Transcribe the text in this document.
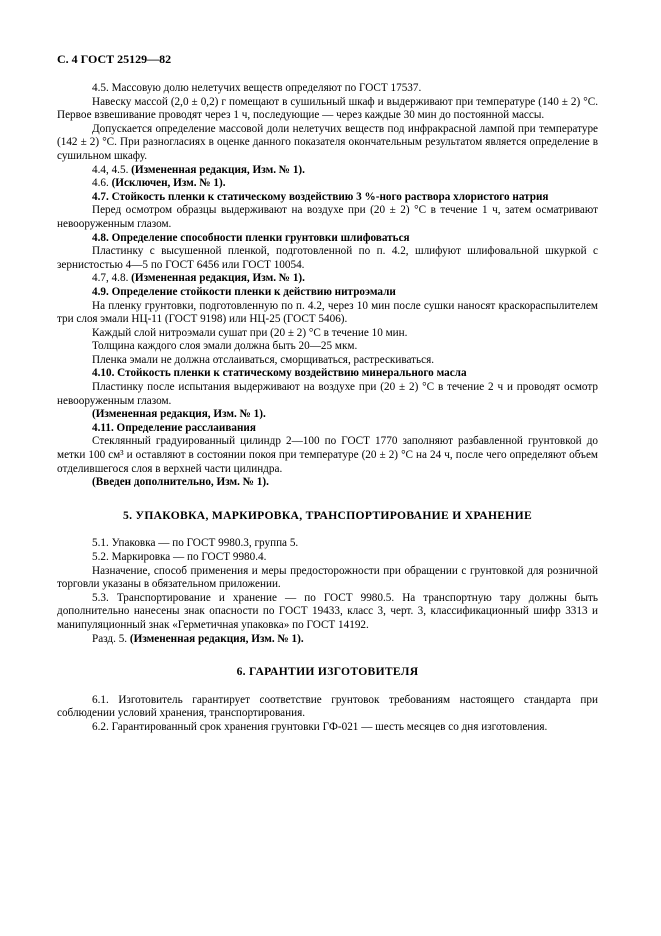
С. 4 ГОСТ 25129—82

4.5. Массовую долю нелетучих веществ определяют по ГОСТ 17537.

Навеску массой (2,0 ± 0,2) г помещают в сушильный шкаф и выдерживают при температуре (140 ± 2) °С. Первое взвешивание проводят через 1 ч, последующие — через каждые 30 мин до постоянной массы.

Допускается определение массовой доли нелетучих веществ под инфракрасной лампой при температуре (142 ± 2) °С. При разногласиях в оценке данного показателя окончательным результатом является определение в сушильном шкафу.

4.4, 4.5. (Измененная редакция, Изм. № 1).

4.6. (Исключен, Изм. № 1).

4.7. Стойкость пленки к статическому воздействию 3 %-ного раствора хлористого натрия

Перед осмотром образцы выдерживают на воздухе при (20 ± 2) °С в течение 1 ч, затем осматривают невооруженным глазом.

4.8. Определение способности пленки грунтовки шлифоваться

Пластинку с высушенной пленкой, подготовленной по п. 4.2, шлифуют шлифовальной шкуркой с зернистостью 4—5 по ГОСТ 6456 или ГОСТ 10054.

4.7, 4.8. (Измененная редакция, Изм. № 1).

4.9. Определение стойкости пленки к действию нитроэмали

На пленку грунтовки, подготовленную по п. 4.2, через 10 мин после сушки наносят краскораспылителем три слоя эмали НЦ-11 (ГОСТ 9198) или НЦ-25 (ГОСТ 5406).

Каждый слой нитроэмали сушат при (20 ± 2) °С в течение 10 мин.

Толщина каждого слоя эмали должна быть 20—25 мкм.

Пленка эмали не должна отслаиваться, сморщиваться, растрескиваться.

4.10. Стойкость пленки к статическому воздействию минерального масла

Пластинку после испытания выдерживают на воздухе при (20 ± 2) °С в течение 2 ч и проводят осмотр невооруженным глазом.

(Измененная редакция, Изм. № 1).

4.11. Определение расслаивания

Стеклянный градуированный цилиндр 2—100 по ГОСТ 1770 заполняют разбавленной грунтовкой до метки 100 см³ и оставляют в состоянии покоя при температуре (20 ± 2) °С на 24 ч, после чего определяют объем отделившегося слоя в верхней части цилиндра.

(Введен дополнительно, Изм. № 1).

5. УПАКОВКА, МАРКИРОВКА, ТРАНСПОРТИРОВАНИЕ И ХРАНЕНИЕ

5.1. Упаковка — по ГОСТ 9980.3, группа 5.

5.2. Маркировка — по ГОСТ 9980.4.

Назначение, способ применения и меры предосторожности при обращении с грунтовкой для розничной торговли указаны в обязательном приложении.

5.3. Транспортирование и хранение — по ГОСТ 9980.5. На транспортную тару должны быть дополнительно нанесены знак опасности по ГОСТ 19433, класс 3, черт. 3, классификационный шифр 3313 и манипуляционный знак «Герметичная упаковка» по ГОСТ 14192.

Разд. 5. (Измененная редакция, Изм. № 1).

6. ГАРАНТИИ ИЗГОТОВИТЕЛЯ

6.1. Изготовитель гарантирует соответствие грунтовок требованиям настоящего стандарта при соблюдении условий хранения, транспортирования.

6.2. Гарантированный срок хранения грунтовки ГФ-021 — шесть месяцев со дня изготовления.
